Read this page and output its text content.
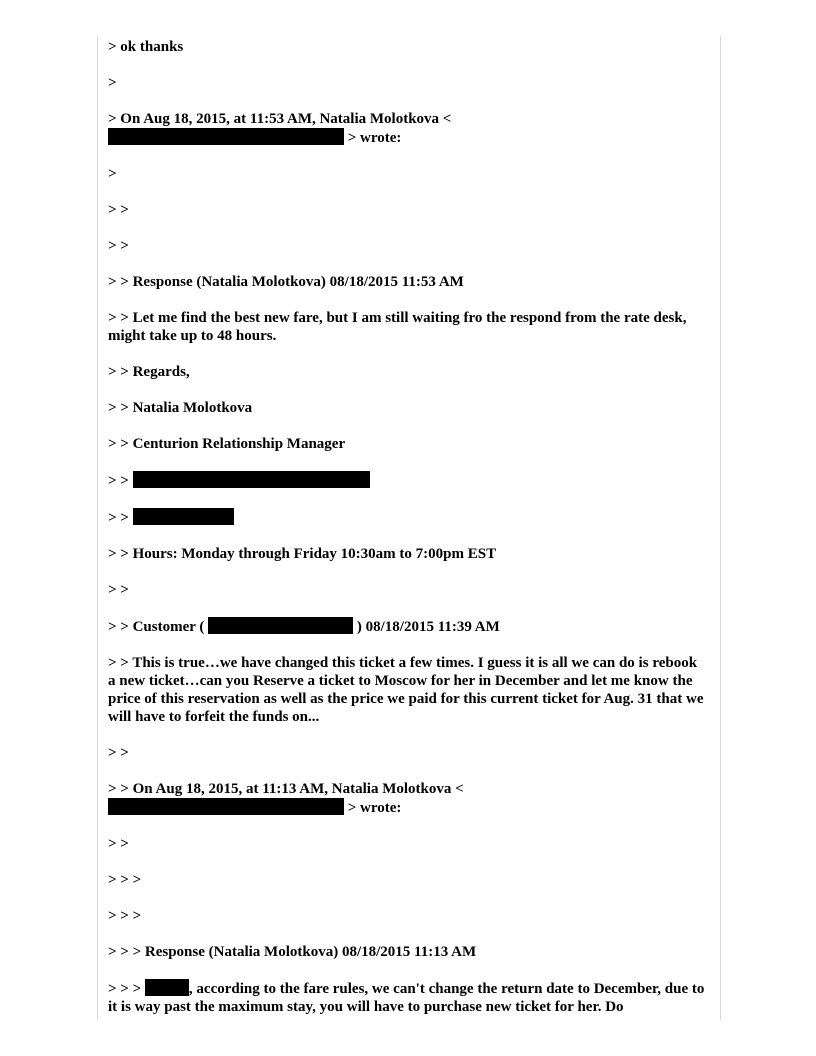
> ok thanks

>

> On Aug 18, 2015, at 11:53 AM, Natalia Molotkova <
> wrote:

>

> >

> >

> > Response (Natalia Molotkova) 08/18/2015 11:53 AM

> > Let me find the best new fare, but I am still waiting fro the respond from the rate desk, might take up to 48 hours.

> > Regards,

> > Natalia Molotkova

> > Centurion Relationship Manager

> >

> >

> > Hours: Monday through Friday 10:30am to 7:00pm EST

> >

> > Customer (	) 08/18/2015 11:39 AM

> > This is true…we have changed this ticket a few times. I guess it is all we can do is rebook a new ticket…can you Reserve a ticket to Moscow for her in December and let me know the price of this reservation as well as the price we paid for this current ticket for Aug. 31 that we will have to forfeit the funds on...

> >

> > On Aug 18, 2015, at 11:13 AM, Natalia Molotkova <
> wrote:

> >

> > >

> > >

> > > Response (Natalia Molotkova) 08/18/2015 11:13 AM

> > >	, according to the fare rules, we can't change the return date to December, due to it is way past the maximum stay, you will have to purchase new ticket for her. Do
